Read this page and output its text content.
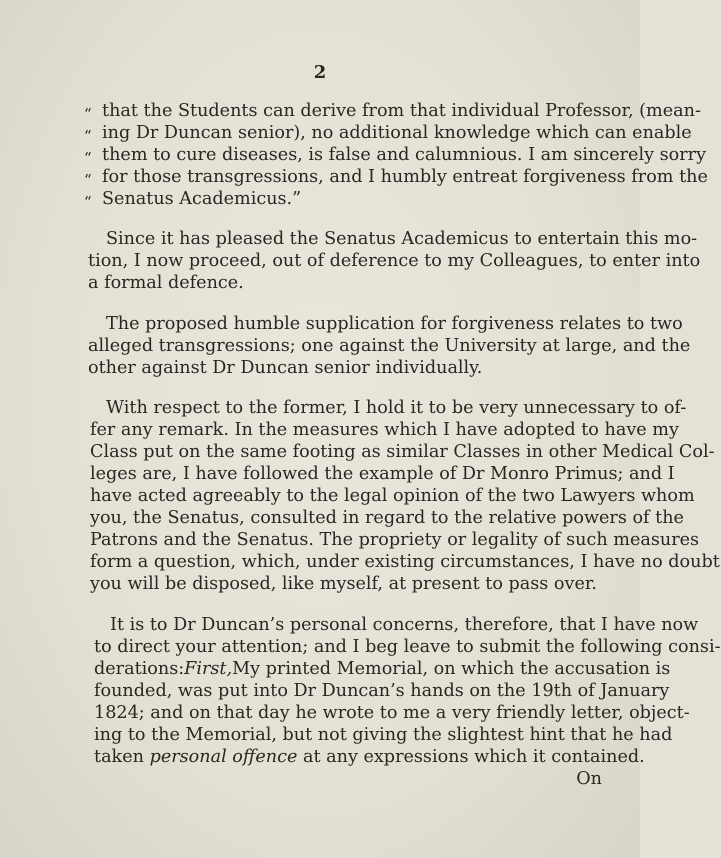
2
“ that the Students can derive from that individual Professor, (mean-
“ ing Dr Duncan senior), no additional knowledge which can enable
“ them to cure diseases, is false and calumnious. I am sincerely sorry
“ for those transgressions, and I humbly entreat forgiveness from the
“ Senatus Academicus.”
Since it has pleased the Senatus Academicus to entertain this mo-
tion, I now proceed, out of deference to my Colleagues, to enter into
a formal defence.
The proposed humble supplication for forgiveness relates to two
alleged transgressions; one against the University at large, and the
other against Dr Duncan senior individually.
With respect to the former, I hold it to be very unnecessary to of-
fer any remark. In the measures which I have adopted to have my
Class put on the same footing as similar Classes in other Medical Col-
leges are, I have followed the example of Dr Monro Primus; and I
have acted agreeably to the legal opinion of the two Lawyers whom
you, the Senatus, consulted in regard to the relative powers of the
Patrons and the Senatus. The propriety or legality of such measures
form a question, which, under existing circumstances, I have no doubt
you will be disposed, like myself, at present to pass over.
It is to Dr Duncan’s personal concerns, therefore, that I have now
to direct your attention; and I beg leave to submit the following consi-
derations: First, My printed Memorial, on which the accusation is
founded, was put into Dr Duncan’s hands on the 19th of January
1824; and on that day he wrote to me a very friendly letter, object-
ing to the Memorial, but not giving the slightest hint that he had
taken personal offence at any expressions which it contained.
On
